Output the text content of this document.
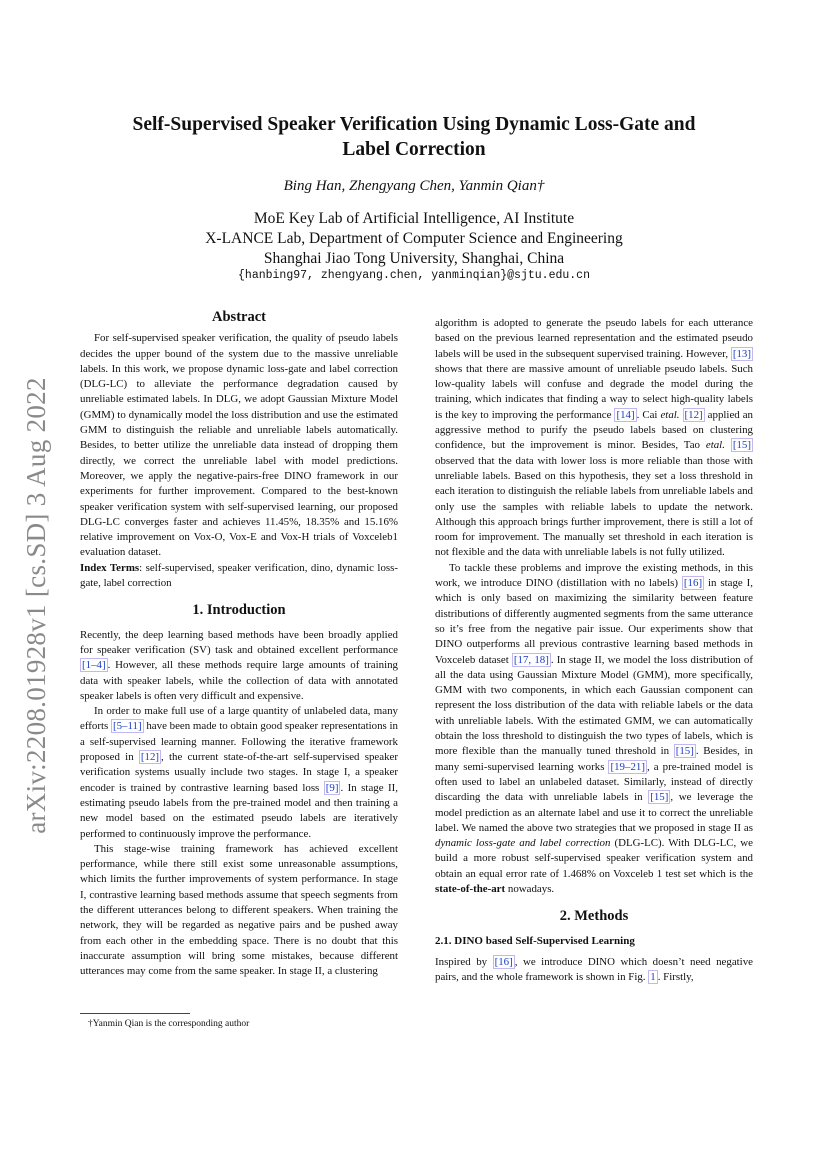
arXiv:2208.01928v1 [cs.SD] 3 Aug 2022
Self-Supervised Speaker Verification Using Dynamic Loss-Gate and
Label Correction
Bing Han, Zhengyang Chen, Yanmin Qian†
MoE Key Lab of Artificial Intelligence, AI Institute
X-LANCE Lab, Department of Computer Science and Engineering
Shanghai Jiao Tong University, Shanghai, China
{hanbing97, zhengyang.chen, yanminqian}@sjtu.edu.cn
Abstract

For self-supervised speaker verification, the quality of pseudo labels decides the upper bound of the system due to the massive unreliable labels. In this work, we propose dynamic loss-gate and label correction (DLG-LC) to alleviate the performance degradation caused by unreliable estimated labels. In DLG, we adopt Gaussian Mixture Model (GMM) to dynamically model the loss distribution and use the estimated GMM to distinguish the reliable and unreliable labels automatically. Besides, to better utilize the unreliable data instead of dropping them directly, we correct the unreliable label with model predictions. Moreover, we apply the negative-pairs-free DINO framework in our experiments for further improvement. Compared to the best-known speaker verification system with self-supervised learning, our proposed DLG-LC converges faster and achieves 11.45%, 18.35% and 15.16% relative improvement on Vox-O, Vox-E and Vox-H trials of Voxceleb1 evaluation dataset.

Index Terms: self-supervised, speaker verification, dino, dynamic loss-gate, label correction

1. Introduction

Recently, the deep learning based methods have been broadly applied for speaker verification (SV) task and obtained excellent performance [1–4] . However, all these methods require large amounts of training data with speaker labels, while the collection of data with annotated speaker labels is often very difficult and expensive.

In order to make full use of a large quantity of unlabeled data, many efforts [5–11] have been made to obtain good speaker representations in a self-supervised learning manner. Following the iterative framework proposed in [12] , the current state-of-the-art self-supervised speaker verification systems usually include two stages. In stage I, a speaker encoder is trained by contrastive learning based loss [9] . In stage II, estimating pseudo labels from the pre-trained model and then training a new model based on the estimated pseudo labels are iteratively performed to continuously improve the performance.

This stage-wise training framework has achieved excellent performance, while there still exist some unreasonable assumptions, which limits the further improvements of system performance. In stage I, contrastive learning based methods assume that speech segments from the different utterances belong to different speakers. When training the network, they will be regarded as negative pairs and be pushed away from each other in the embedding space. There is no doubt that this inaccurate assumption will bring some mistakes, because different utterances may come from the same speaker. In stage II, a clustering

algorithm is adopted to generate the pseudo labels for each utterance based on the previous learned representation and the estimated pseudo labels will be used in the subsequent supervised training. However, [13] shows that there are massive amount of unreliable pseudo labels. Such low-quality labels will confuse and degrade the model during the training, which indicates that finding a way to select high-quality labels is the key to improving the performance [14] . Cai etal. [12] applied an aggressive method to purify the pseudo labels based on clustering confidence, but the improvement is minor. Besides, Tao etal. [15] observed that the data with lower loss is more reliable than those with unreliable labels. Based on this hypothesis, they set a loss threshold in each iteration to distinguish the reliable labels from unreliable labels and only use the samples with reliable labels to update the network. Although this approach brings further improvement, there is still a lot of room for improvement. The manually set threshold in each iteration is not flexible and the data with unreliable labels is not fully utilized.

To tackle these problems and improve the existing methods, in this work, we introduce DINO (distillation with no labels) [16] in stage I, which is only based on maximizing the similarity between feature distributions of differently augmented segments from the same utterance so it’s free from the negative pair issue. Our experiments show that DINO outperforms all previous contrastive learning based methods in Voxceleb dataset [17, 18] . In stage II, we model the loss distribution of all the data using Gaussian Mixture Model (GMM), more specifically, GMM with two components, in which each Gaussian component can represent the loss distribution of the data with reliable labels or the data with unreliable labels. With the estimated GMM, we can automatically obtain the loss threshold to distinguish the two types of labels, which is more flexible than the manually tuned threshold in [15] . Besides, in many semi-supervised learning works [19–21] , a pre-trained model is often used to label an unlabeled dataset. Similarly, instead of directly discarding the data with unreliable labels in [15] , we leverage the model prediction as an alternate label and use it to correct the unreliable label. We named the above two strategies that we proposed in stage II as dynamic loss-gate and label correction (DLG-LC). With DLG-LC, we build a more robust self-supervised speaker verification system and obtain an equal error rate of 1.468% on Voxceleb 1 test set which is the state-of-the-art nowadays.

2. Methods
2.1. DINO based Self-Supervised Learning

Inspired by [16] , we introduce DINO which doesn’t need negative pairs, and the whole framework is shown in Fig. 1 . Firstly,

†Yanmin Qian is the corresponding author
